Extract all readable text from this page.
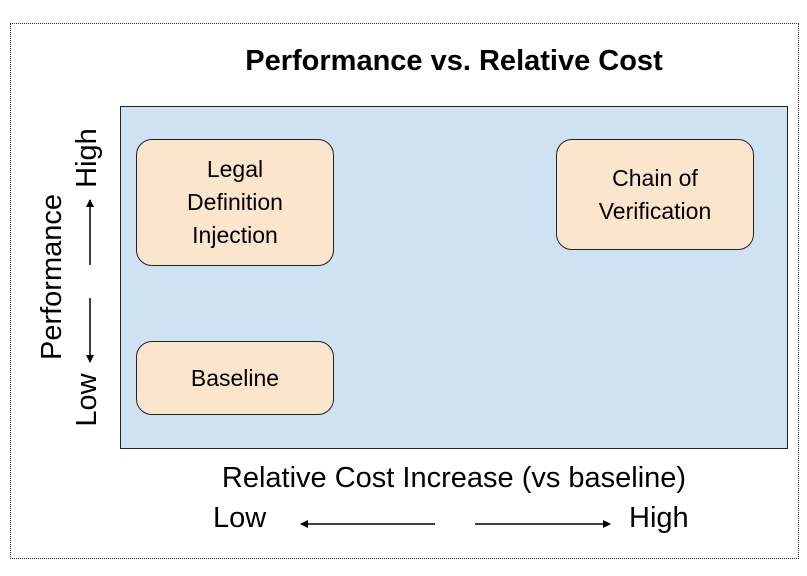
Performance vs. Relative Cost
Legal
Definition
Injection
Chain of
Verification
Baseline
Relative Cost Increase (vs baseline)
Low	High
Performance
Low
High
